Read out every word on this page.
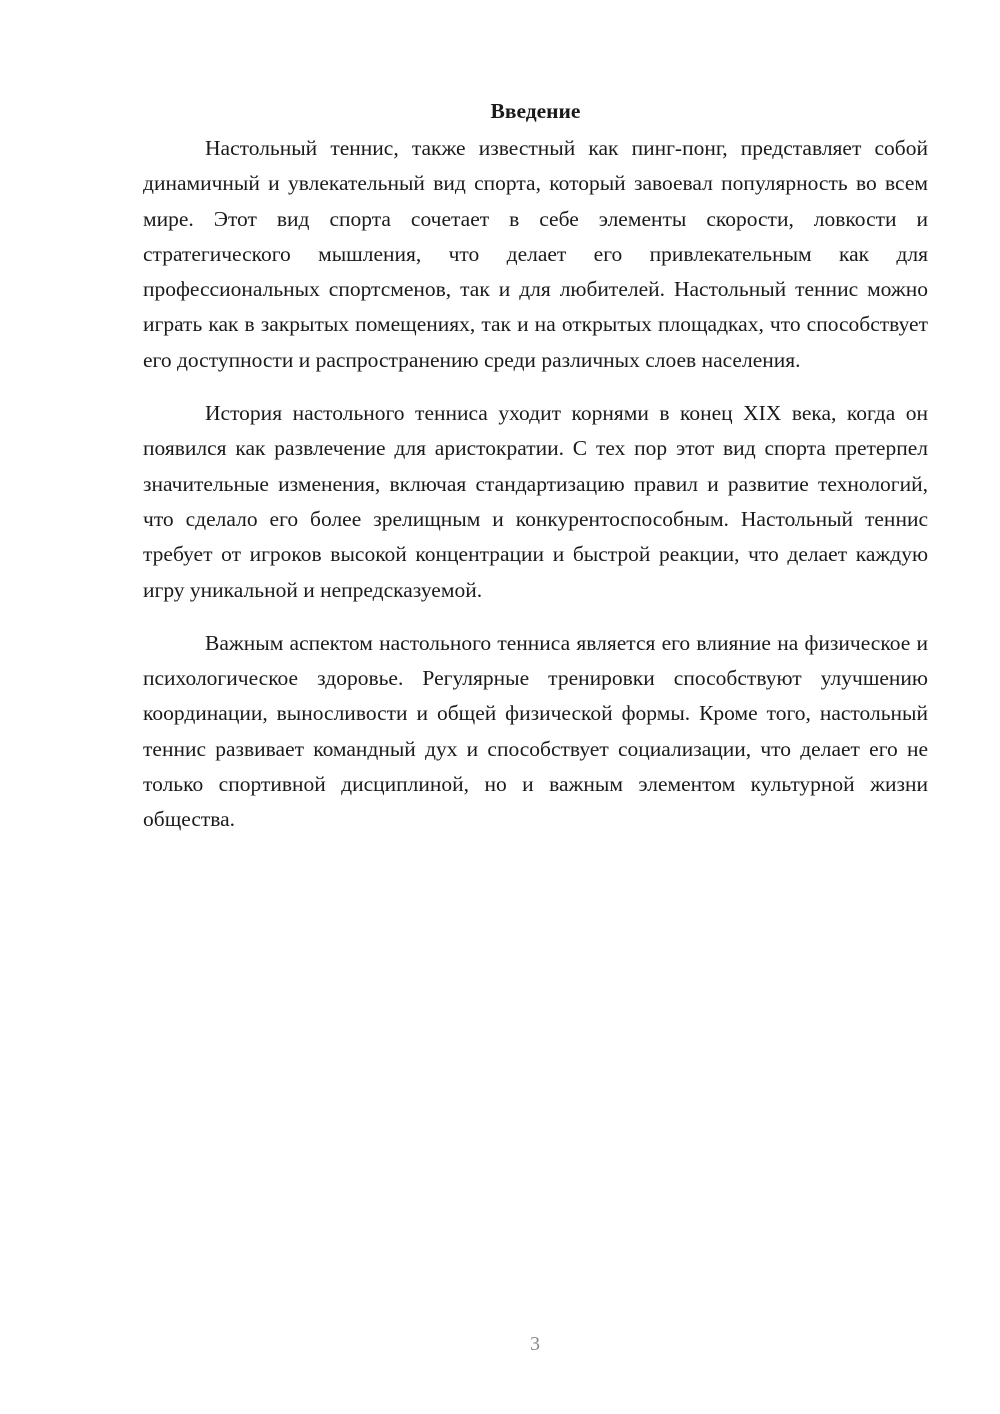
Введение

Настольный теннис, также известный как пинг-понг, представляет собой динамичный и увлекательный вид спорта, который завоевал популярность во всем мире. Этот вид спорта сочетает в себе элементы скорости, ловкости и стратегического мышления, что делает его привлекательным как для профессиональных спортсменов, так и для любителей. Настольный теннис можно играть как в закрытых помещениях, так и на открытых площадках, что способствует его доступности и распространению среди различных слоев населения.

История настольного тенниса уходит корнями в конец XIX века, когда он появился как развлечение для аристократии. С тех пор этот вид спорта претерпел значительные изменения, включая стандартизацию правил и развитие технологий, что сделало его более зрелищным и конкурентоспособным. Настольный теннис требует от игроков высокой концентрации и быстрой реакции, что делает каждую игру уникальной и непредсказуемой.

Важным аспектом настольного тенниса является его влияние на физическое и психологическое здоровье. Регулярные тренировки способствуют улучшению координации, выносливости и общей физической формы. Кроме того, настольный теннис развивает командный дух и способствует социализации, что делает его не только спортивной дисциплиной, но и важным элементом культурной жизни общества.

3
